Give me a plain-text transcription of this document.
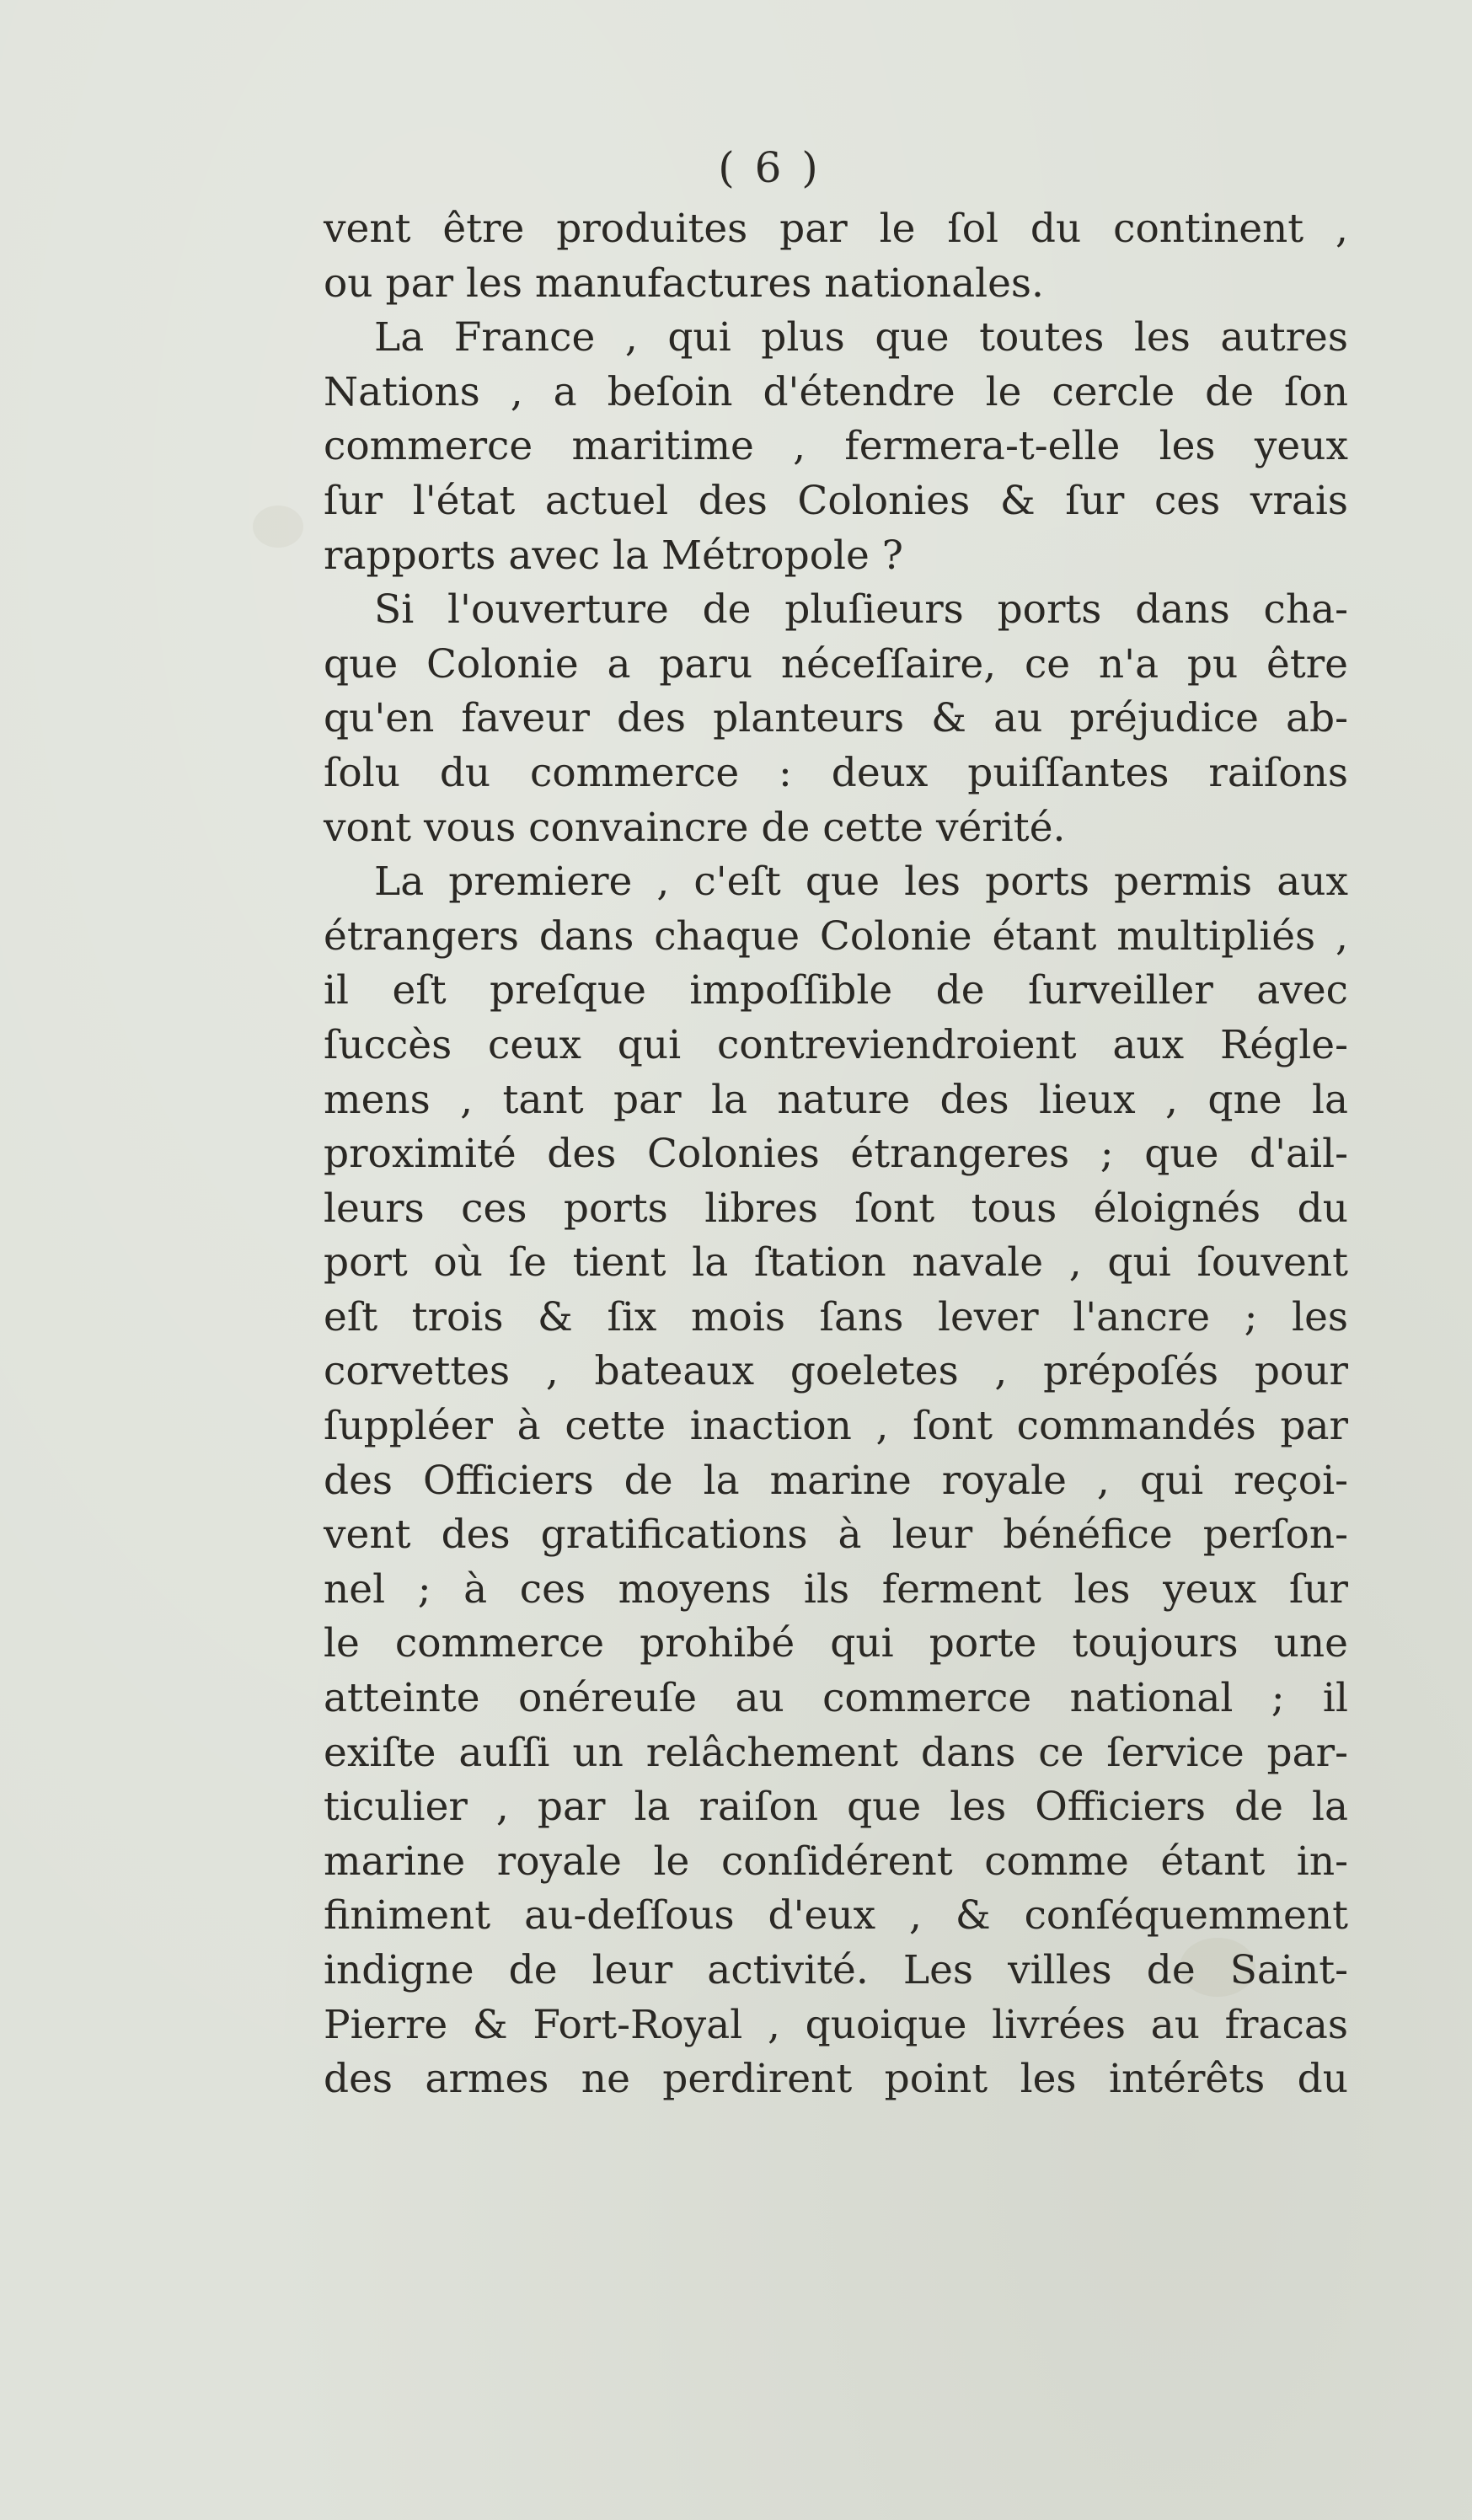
( 6 )
vent être produites par le ſol du continent ,
ou par les manufactures nationales.
La France , qui plus que toutes les autres
Nations , a beſoin d'étendre le cercle de ſon
commerce maritime , fermera-t-elle les yeux
ſur l'état actuel des Colonies & ſur ces vrais
rapports avec la Métropole ?
Si l'ouverture de pluſieurs ports dans cha-
que Colonie a paru néceſſaire, ce n'a pu être
qu'en faveur des planteurs & au préjudice ab-
ſolu du commerce : deux puiſſantes raiſons
vont vous convaincre de cette vérité.
La premiere , c'eſt que les ports permis aux
étrangers dans chaque Colonie étant multipliés ,
il eſt preſque impoſſible de ſurveiller avec
ſuccès ceux qui contreviendroient aux Régle-
mens , tant par la nature des lieux , qne la
proximité des Colonies étrangeres ; que d'ail-
leurs ces ports libres ſont tous éloignés du
port où ſe tient la ſtation navale , qui ſouvent
eſt trois & ſix mois ſans lever l'ancre ; les
corvettes , bateaux goeletes , prépoſés pour
ſuppléer à cette inaction , ſont commandés par
des Officiers de la marine royale , qui reçoi-
vent des gratifications à leur bénéfice perſon-
nel ; à ces moyens ils ferment les yeux ſur
le commerce prohibé qui porte toujours une
atteinte onéreuſe au commerce national ; il
exiſte auſſi un relâchement dans ce ſervice par-
ticulier , par la raiſon que les Officiers de la
marine royale le conſidérent comme étant in-
finiment au-deſſous d'eux , & conſéquemment
indigne de leur activité. Les villes de Saint-
Pierre & Fort-Royal , quoique livrées au fracas
des armes ne perdirent point les intérêts du
